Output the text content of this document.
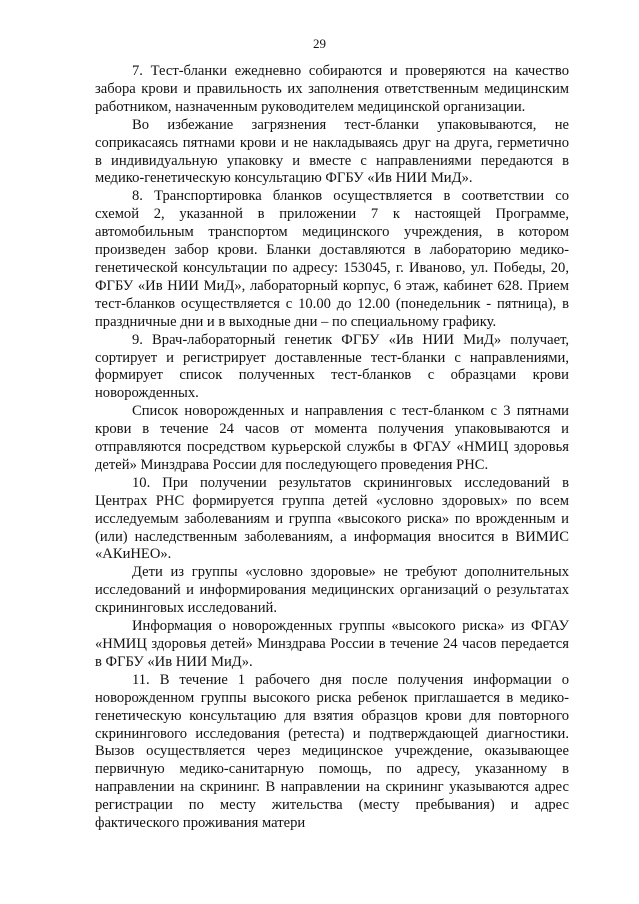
29

7. Тест-бланки ежедневно собираются и проверяются на качество забора крови и правильность их заполнения ответственным медицинским работником, назначенным руководителем медицинской организации.

Во избежание загрязнения тест-бланки упаковываются, не соприкасаясь пятнами крови и не накладываясь друг на друга, герметично в индивидуальную упаковку и вместе с направлениями передаются в медико-генетическую консультацию ФГБУ «Ив НИИ МиД».

8. Транспортировка бланков осуществляется в соответствии со схемой 2, указанной в приложении 7 к настоящей Программе, автомобильным транспортом медицинского учреждения, в котором произведен забор крови. Бланки доставляются в лабораторию медико-генетической консультации по адресу: 153045, г. Иваново, ул. Победы, 20, ФГБУ «Ив НИИ МиД», лабораторный корпус, 6 этаж, кабинет 628. Прием тест-бланков осуществляется с 10.00 до 12.00 (понедельник - пятница), в праздничные дни и в выходные дни – по специальному графику.

9. Врач-лабораторный генетик ФГБУ «Ив НИИ МиД» получает, сортирует и регистрирует доставленные тест-бланки с направлениями, формирует список полученных тест-бланков с образцами крови новорожденных.

Список новорожденных и направления с тест-бланком с 3 пятнами крови в течение 24 часов от момента получения упаковываются и отправляются посредством курьерской службы в ФГАУ «НМИЦ здоровья детей» Минздрава России для последующего проведения РНС.

10. При получении результатов скрининговых исследований в Центрах РНС формируется группа детей «условно здоровых» по всем исследуемым заболеваниям и группа «высокого риска» по врожденным и (или) наследственным заболеваниям, а информация вносится в ВИМИС «АКиНЕО».

Дети из группы «условно здоровые» не требуют дополнительных исследований и информирования медицинских организаций о результатах скрининговых исследований.

Информация о новорожденных группы «высокого риска» из ФГАУ «НМИЦ здоровья детей» Минздрава России в течение 24 часов передается в ФГБУ «Ив НИИ МиД».

11. В течение 1 рабочего дня после получения информации о новорожденном группы высокого риска ребенок приглашается в медико-генетическую консультацию для взятия образцов крови для повторного скринингового исследования (ретеста) и подтверждающей диагностики. Вызов осуществляется через медицинское учреждение, оказывающее первичную медико-санитарную помощь, по адресу, указанному в направлении на скрининг. В направлении на скрининг указываются адрес регистрации по месту жительства (месту пребывания) и адрес фактического проживания матери
